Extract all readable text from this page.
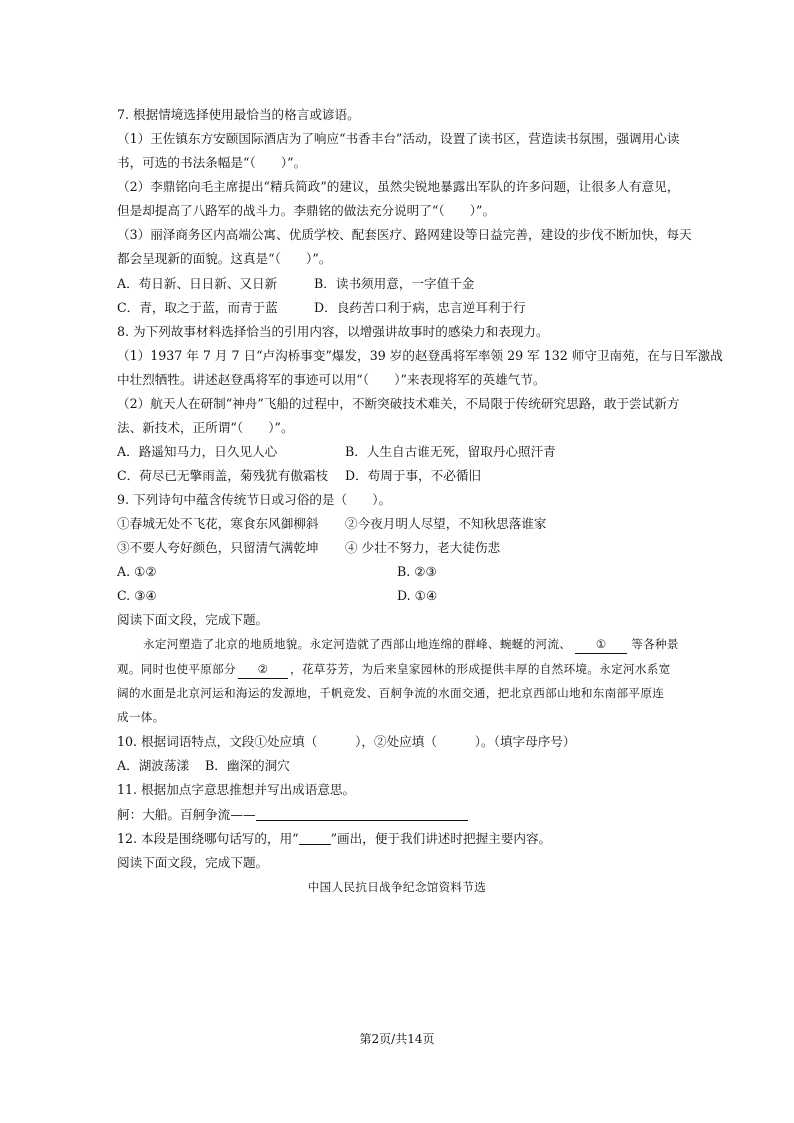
7. 根据情境选择使用最恰当的格言或谚语。
（1）王佐镇东方安颐国际酒店为了响应“书香丰台”活动，设置了读书区，营造读书氛围，强调用心读
书，可选的书法条幅是“（　　）”。
（2）李鼎铭向毛主席提出“精兵简政”的建议，虽然尖锐地暴露出军队的许多问题，让很多人有意见，
但是却提高了八路军的战斗力。李鼎铭的做法充分说明了“（　　）”。
（3）丽泽商务区内高端公寓、优质学校、配套医疗、路网建设等日益完善，建设的步伐不断加快，每天
都会呈现新的面貌。这真是“（　　）”。
A．苟日新、日日新、又日新	B．读书须用意，一字值千金
C．青，取之于蓝，而青于蓝	D．良药苦口利于病，忠言逆耳利于行
8. 为下列故事材料选择恰当的引用内容，以增强讲故事时的感染力和表现力。
（1）1937 年 7 月 7 日“卢沟桥事变”爆发，39 岁的赵登禹将军率领 29 军 132 师守卫南苑，在与日军激战
中壮烈牺牲。讲述赵登禹将军的事迹可以用“（　　）”来表现将军的英雄气节。
（2）航天人在研制“神舟”飞船的过程中，不断突破技术难关，不局限于传统研究思路，敢于尝试新方
法、新技术，正所谓“（　　）”。
A．路遥知马力，日久见人心	B．人生自古谁无死，留取丹心照汗青
C．荷尽已无擎雨盖，菊残犹有傲霜枝 D．苟周于事，不必循旧
9. 下列诗句中蕴含传统节日或习俗的是（　　）。
①春城无处不飞花，寒食东风御柳斜 ②今夜月明人尽望，不知秋思落谁家
③不要人夸好颜色，只留清气满乾坤 ④ 少壮不努力，老大徒伤悲
A. ①②	B. ②③
C. ③④	D. ①④
阅读下面文段，完成下题。
永定河塑造了北京的地质地貌。永定河造就了西部山地连绵的群峰、蜿蜒的河流、 ① 等各种景
观。同时也使平原部分 ② ，花草芬芳，为后来皇家园林的形成提供丰厚的自然环境。永定河水系宽
阔的水面是北京河运和海运的发源地，千帆竞发、百舸争流的水面交通，把北京西部山地和东南部平原连
成一体。
10. 根据词语特点，文段①处应填（　　　），②处应填（　　　）。（填字母序号）
A．湖波荡漾 B．幽深的洞穴
11. 根据加点字意思推想并写出成语意思。
舸：大船。百舸争流——
12. 本段是围绕哪句话写的，用“	”画出，便于我们讲述时把握主要内容。
阅读下面文段，完成下题。
中国人民抗日战争纪念馆资料节选
第2页/共14页
